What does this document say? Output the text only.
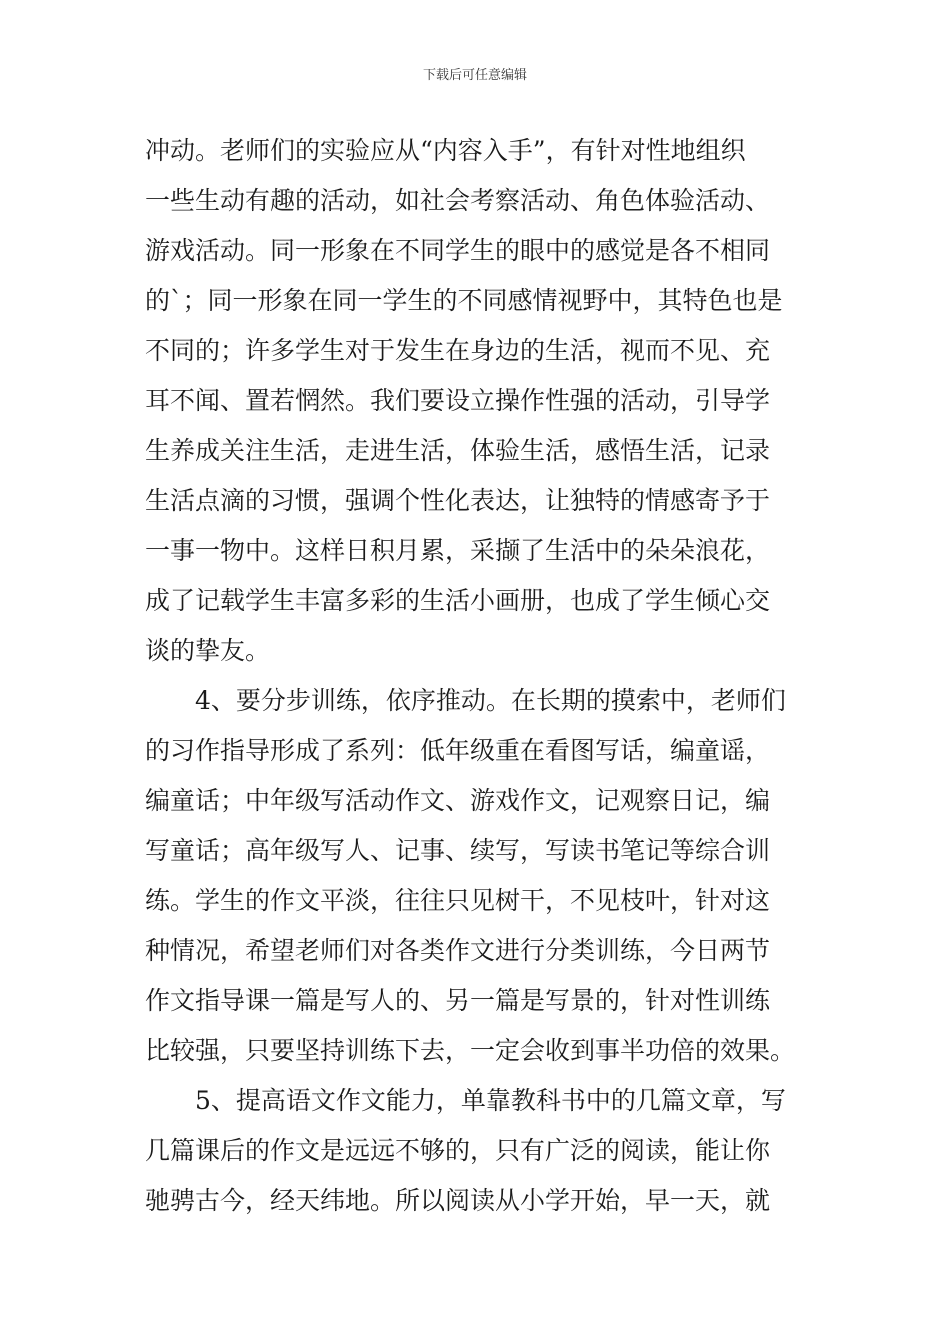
下载后可任意编辑
冲动。老师们的实验应从“内容入手”，有针对性地组织
一些生动有趣的活动，如社会考察活动、角色体验活动、
游戏活动。同一形象在不同学生的眼中的感觉是各不相同
的`；同一形象在同一学生的不同感情视野中，其特色也是
不同的；许多学生对于发生在身边的生活，视而不见、充
耳不闻、置若惘然。我们要设立操作性强的活动，引导学
生养成关注生活，走进生活，体验生活，感悟生活，记录
生活点滴的习惯，强调个性化表达，让独特的情感寄予于
一事一物中。这样日积月累，采撷了生活中的朵朵浪花，
成了记载学生丰富多彩的生活小画册，也成了学生倾心交
谈的挚友。
4、要分步训练，依序推动。在长期的摸索中，老师们
的习作指导形成了系列：低年级重在看图写话，编童谣，
编童话；中年级写活动作文、游戏作文，记观察日记，编
写童话；高年级写人、记事、续写，写读书笔记等综合训
练。学生的作文平淡，往往只见树干，不见枝叶，针对这
种情况，希望老师们对各类作文进行分类训练，今日两节
作文指导课一篇是写人的、另一篇是写景的，针对性训练
比较强，只要坚持训练下去，一定会收到事半功倍的效果。
5、提高语文作文能力，单靠教科书中的几篇文章，写
几篇课后的作文是远远不够的，只有广泛的阅读，能让你
驰骋古今，经天纬地。所以阅读从小学开始，早一天，就
